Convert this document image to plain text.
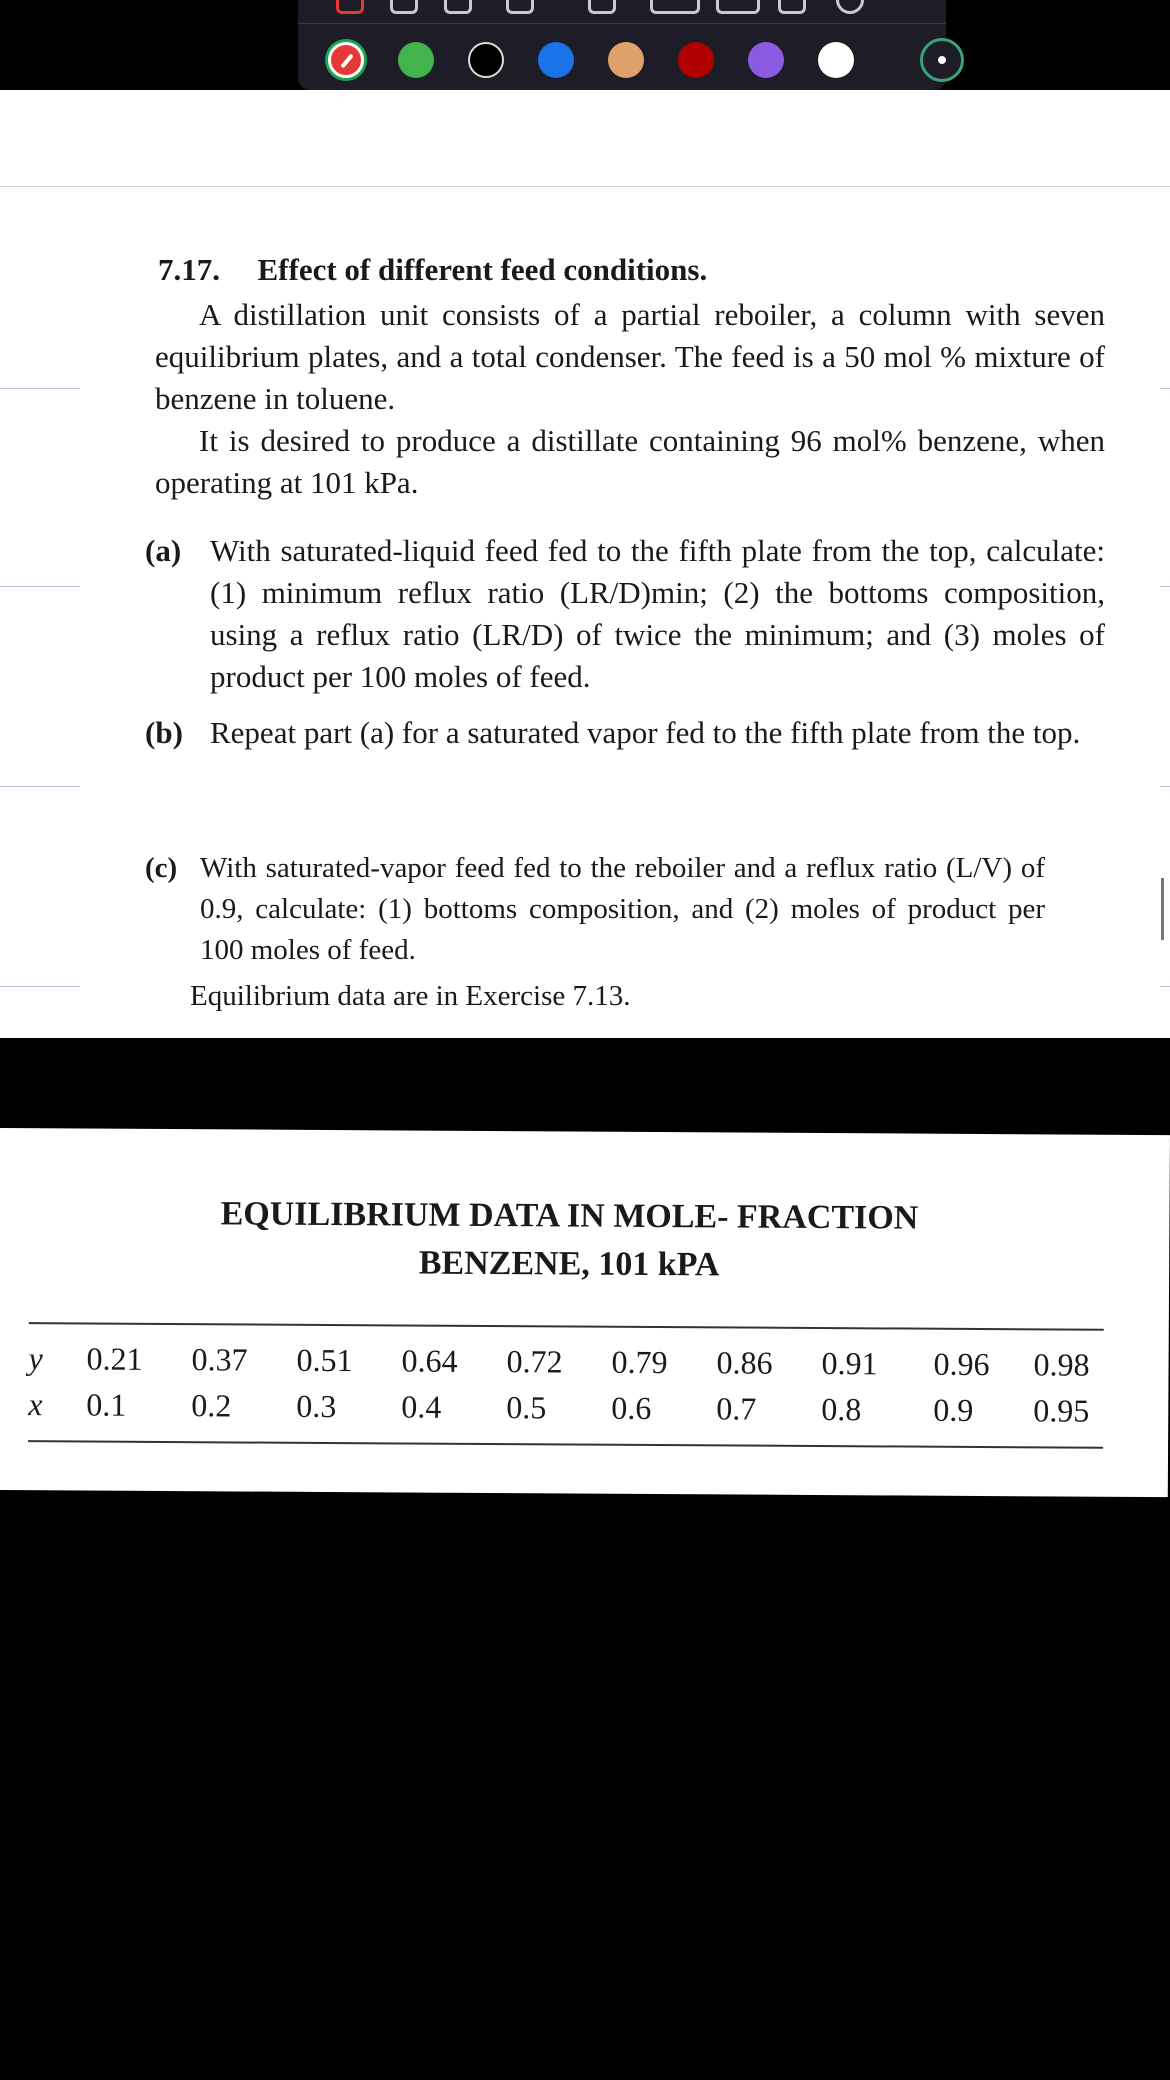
7.17. Effect of different feed conditions.
A distillation unit consists of a partial reboiler, a column with seven equilibrium plates, and a total condenser. The feed is a 50 mol % mixture of benzene in toluene.
It is desired to produce a distillate containing 96 mol% benzene, when operating at 101 kPa.
(a) With saturated-liquid feed fed to the fifth plate from the top, calculate: (1) minimum reflux ratio (LR/D)min; (2) the bottoms composition, using a reflux ratio (LR/D) of twice the minimum; and (3) moles of product per 100 moles of feed.
(b) Repeat part (a) for a saturated vapor fed to the fifth plate from the top.
(c) With saturated-vapor feed fed to the reboiler and a reflux ratio (L/V) of 0.9, calculate: (1) bottoms composition, and (2) moles of product per 100 moles of feed.
Equilibrium data are in Exercise 7.13.
EQUILIBRIUM DATA IN MOLE- FRACTION
BENZENE, 101 kPA
y 0.21 0.37 0.51 0.64 0.72 0.79 0.86 0.91 0.96 0.98
x 0.1 0.2 0.3 0.4 0.5 0.6 0.7 0.8 0.9 0.95
